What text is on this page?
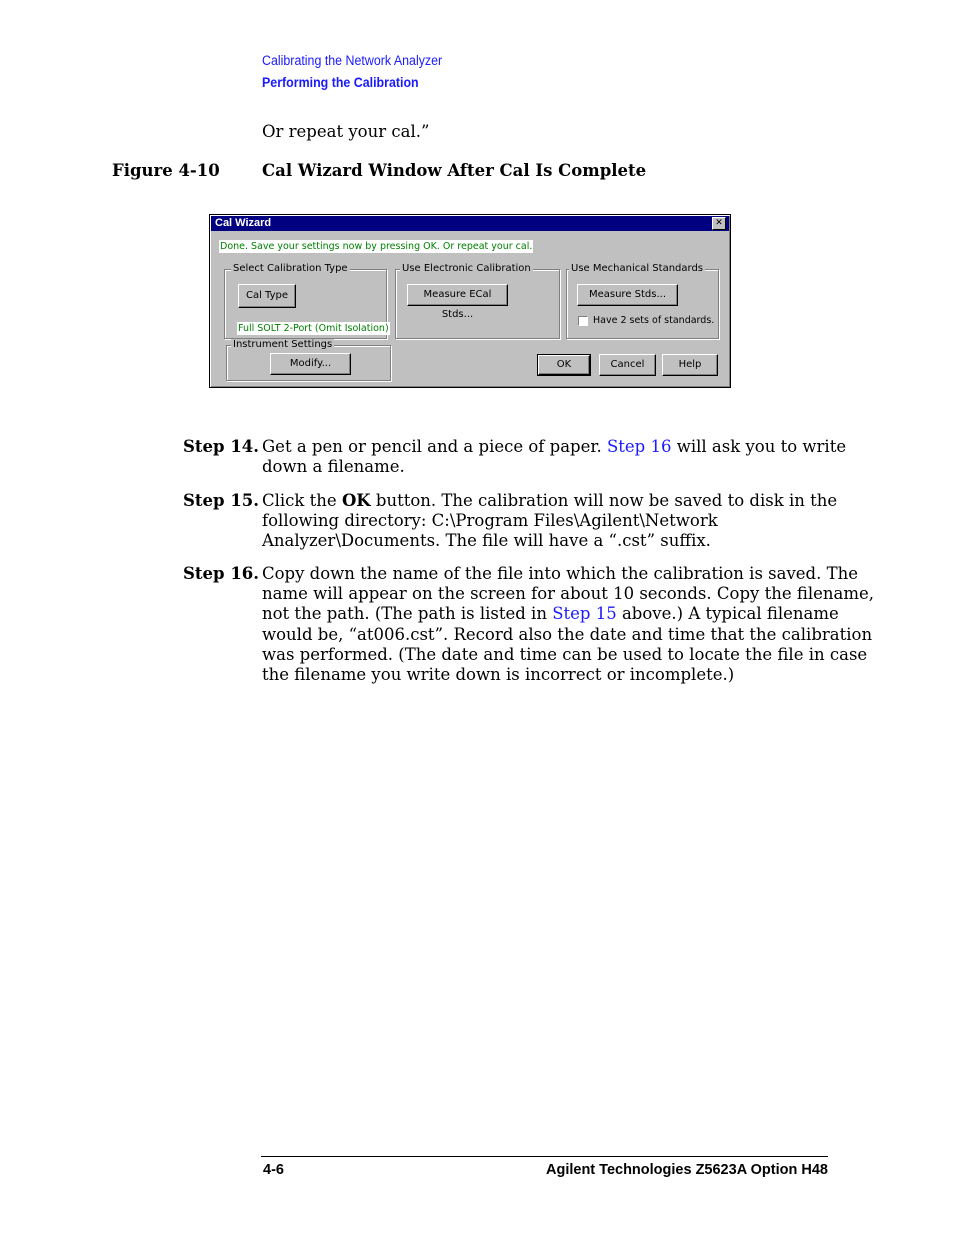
Calibrating the Network Analyzer
Performing the Calibration
Or repeat your cal.”
Figure 4-10	Cal Wizard Window After Cal Is Complete
Cal Wizard	✕
Done. Save your settings now by pressing OK. Or repeat your cal.
Select Calibration Type
Cal Type
Full SOLT 2-Port (Omit Isolation)
Use Electronic Calibration
Measure ECal Stds...
Use Mechanical Standards
Measure Stds...
Have 2 sets of standards.
Instrument Settings
Modify...	OK	Cancel	Help
Step 14. Get a pen or pencil and a piece of paper. Step 16 will ask you to write
down a filename.
Step 15. Click the OK button. The calibration will now be saved to disk in the
following directory: C:\Program Files\Agilent\Network
Analyzer\Documents. The file will have a “.cst” suffix.
Step 16. Copy down the name of the file into which the calibration is saved. The
name will appear on the screen for about 10 seconds. Copy the filename,
not the path. (The path is listed in Step 15 above.) A typical filename
would be, “at006.cst”. Record also the date and time that the calibration
was performed. (The date and time can be used to locate the file in case
the filename you write down is incorrect or incomplete.)
4-6	Agilent Technologies Z5623A Option H48
